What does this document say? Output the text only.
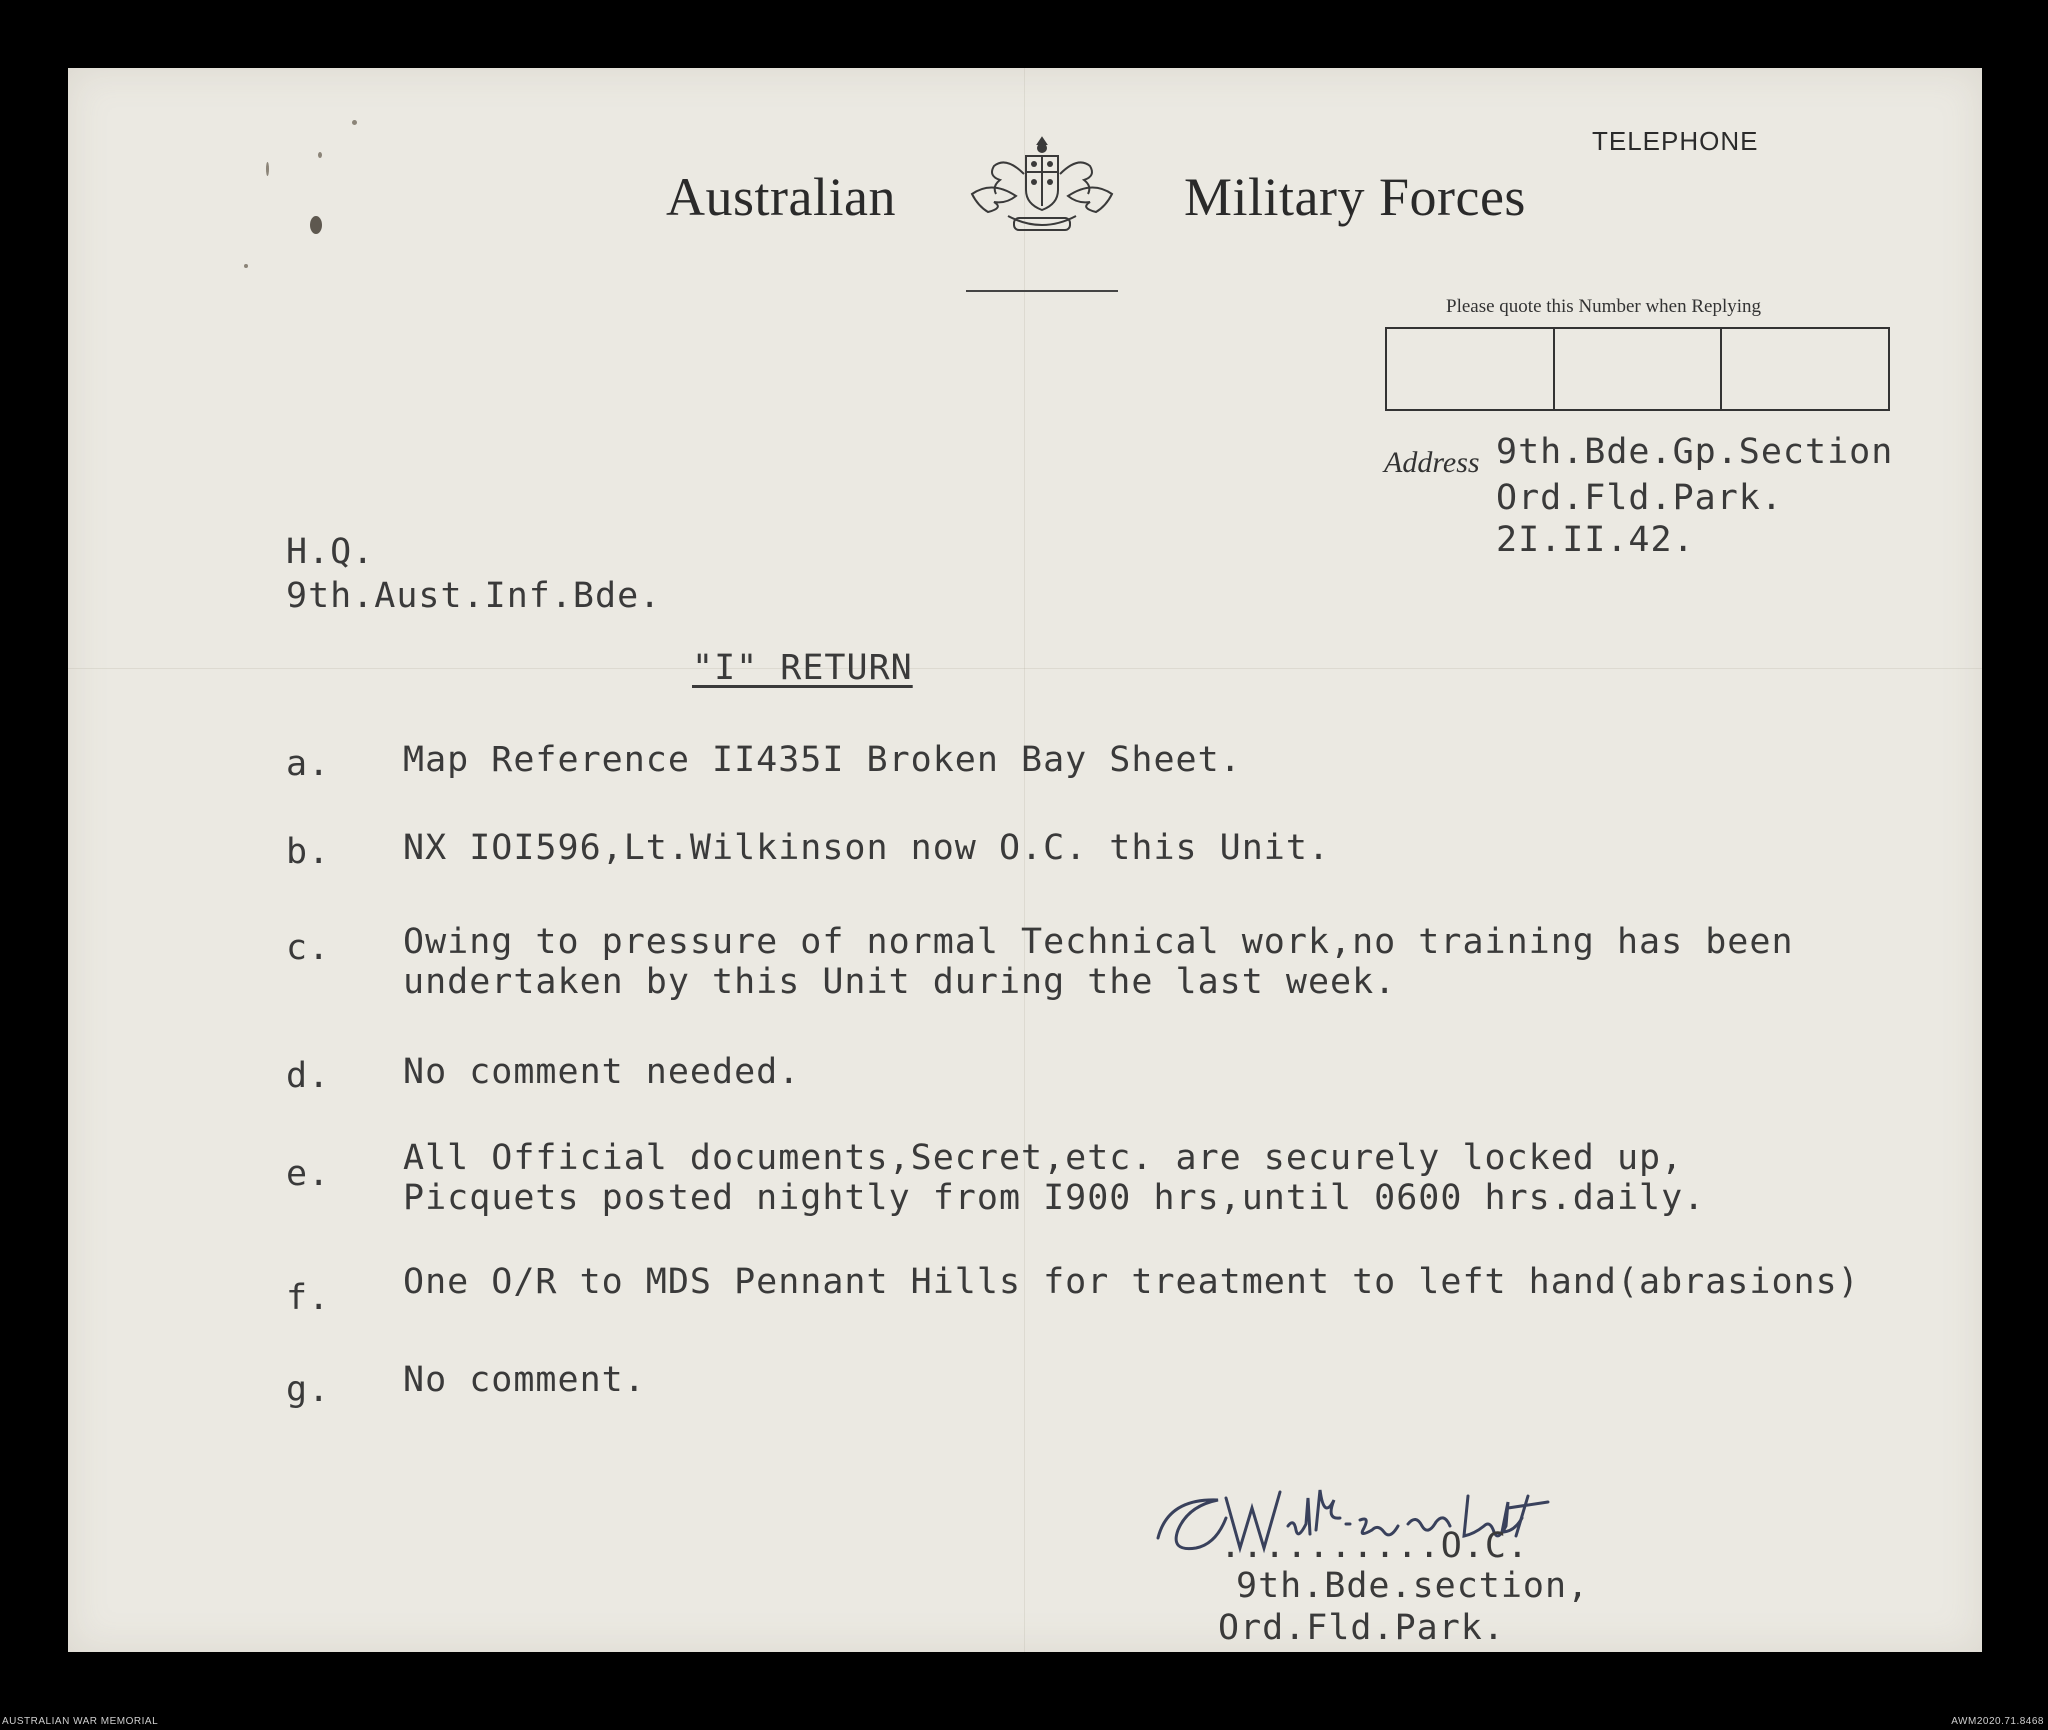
Australian	Military Forces
TELEPHONE
Please quote this Number when Replying
Address 9th.Bde.Gp.Section
Ord.Fld.Park.
2I.II.42.
H.Q.
9th.Aust.Inf.Bde.
"I" RETURN
a. Map Reference II435I Broken Bay Sheet.
b. NX IOI596,Lt.Wilkinson now O.C. this Unit.
c. Owing to pressure of normal Technical work,no training has been
undertaken by this Unit during the last week.
d. No comment needed.
e. All Official documents,Secret,etc. are securely locked up,
Picquets posted nightly from I900 hrs,until 0600 hrs.daily.
f. One O/R to MDS Pennant Hills for treatment to left hand(abrasions)
g. No comment.
..........O.C.
9th.Bde.section,
Ord.Fld.Park.
AUSTRALIAN WAR MEMORIAL	AWM2020.71.8468
